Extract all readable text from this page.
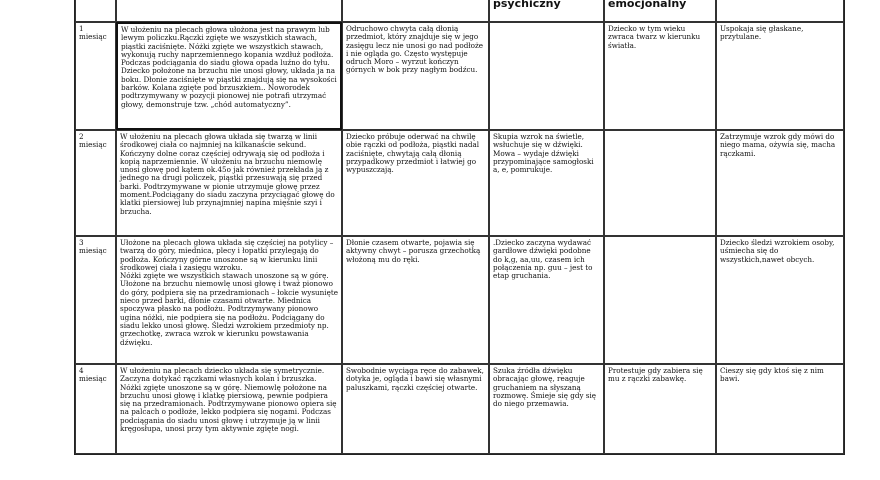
			psychiczny	emocjonalny	
1
miesiąc	W ułożeniu na plecach głowa ułożona jest na prawym lub lewym policzku.Rączki zgięte we wszystkich stawach, piąstki zaciśnięte. Nóżki zgięte we wszystkich stawach, wykonują ruchy naprzemiennego kopania wzdłuż podłoża. Podczas podciągania do siadu głowa opada luźno do tyłu. Dziecko położone na brzuchu nie unosi głowy, układa ja na boku. Dłonie zaciśnięte w piąstki znajdują się na wysokości barków. Kolana zgięte pod brzuszkiem.. Noworodek podtrzymywany w pozycji pionowej nie potrafi utrzymać głowy, demonstruje tzw. „chód automatyczny”.	Odruchowo chwyta całą dłonią przedmiot, który znajduje się w jego zasięgu lecz nie unosi go nad podłoże i nie ogląda go. Często występuje odruch Moro – wyrzut kończyn górnych w bok przy nagłym bodźcu.		Dziecko w tym wieku zwraca twarz w kierunku światła.	Uspokaja się głaskane, przytulane.
2
miesiąc	W ułożeniu na plecach głowa układa się twarzą w linii środkowej ciała co najmniej na kilkanaście sekund. Kończyny dolne coraz częściej odrywają się od podłoża i kopią naprzemiennie. W ułożeniu na brzuchu niemowlę unosi głowę pod kątem ok.45o jak również przekłada ją z jednego na drugi policzek, piąstki przesuwają się przed barki. Podtrzymywane w pionie utrzymuje głowę przez moment.Podciągany do siadu zaczyna przyciągać głowę do klatki piersiowej lub przynajmniej napina mięśnie szyi i brzucha.	Dziecko próbuje oderwać na chwilę obie rączki od podłoża, piąstki nadal zaciśnięte, chwytają całą dłonią przypadkowy przedmiot i łatwiej go wypuszczają.	Skupia wzrok na świetle, wsłuchuje się w dźwięki. Mowa – wydaje dźwięki przypominające samogłoski a, e, pomrukuje.		Zatrzymuje wzrok gdy mówi do niego mama, ożywia się, macha rączkami.
3
miesiąc	Ułożone na plecach głowa układa się częściej na potylicy – twarzą do góry, miednica, plecy i łopatki przylegają do podłoża. Kończyny górne unoszone są w kierunku linii środkowej ciała i zasięgu wzroku.
Nóżki zgięte we wszystkich stawach unoszone są w górę. Ułożone na brzuchu niemowlę unosi głowę i tważ pionowo do góry, podpiera się na przedramionach – łokcie wysunięte nieco przed barki, dłonie czasami otwarte. Miednica spoczywa płasko na podłożu. Podtrzymywany pionowo ugina nóżki, nie podpiera się na podłożu. Podciągany do siadu lekko unosi głowę. Śledzi wzrokiem przedmioty np. grzechotkę, zwraca wzrok w kierunku powstawania dźwięku.	Dłonie czasem otwarte, pojawia się aktywny chwyt – porusza grzechotką włożoną mu do ręki.	.Dziecko zaczyna wydawać gardłowe dźwięki podobne do k,g, aa,uu, czasem ich połączenia np. guu – jest to etap gruchania.		Dziecko śledzi wzrokiem osoby, uśmiecha się do wszystkich,nawet obcych.
4
miesiąc	W ułożeniu na plecach dziecko układa się symetrycznie. Zaczyna dotykać rączkami własnych kolan i brzuszka. Nóżki zgięte unoszone są w górę. Niemowlę położone na brzuchu unosi głowę i klatkę piersiową, pewnie podpiera się na przedramionach. Podtrzymywane pionowo opiera się na palcach o podłoże, lekko podpiera się nogami. Podczas podciągania do siadu unosi głowę i utrzymuje ją w linii kręgosłupa, unosi przy tym aktywnie zgięte nogi.	Swobodnie wyciąga ręce do zabawek, dotyka je, ogląda i bawi się własnymi paluszkami, rączki częściej otwarte.	Szuka źródła dźwięku obracając głowę, reaguje gruchaniem na słyszaną rozmowę. Śmieje się gdy się do niego przemawia.	Protestuje gdy zabiera się mu z rączki zabawkę.	Cieszy się gdy ktoś się z nim bawi.
